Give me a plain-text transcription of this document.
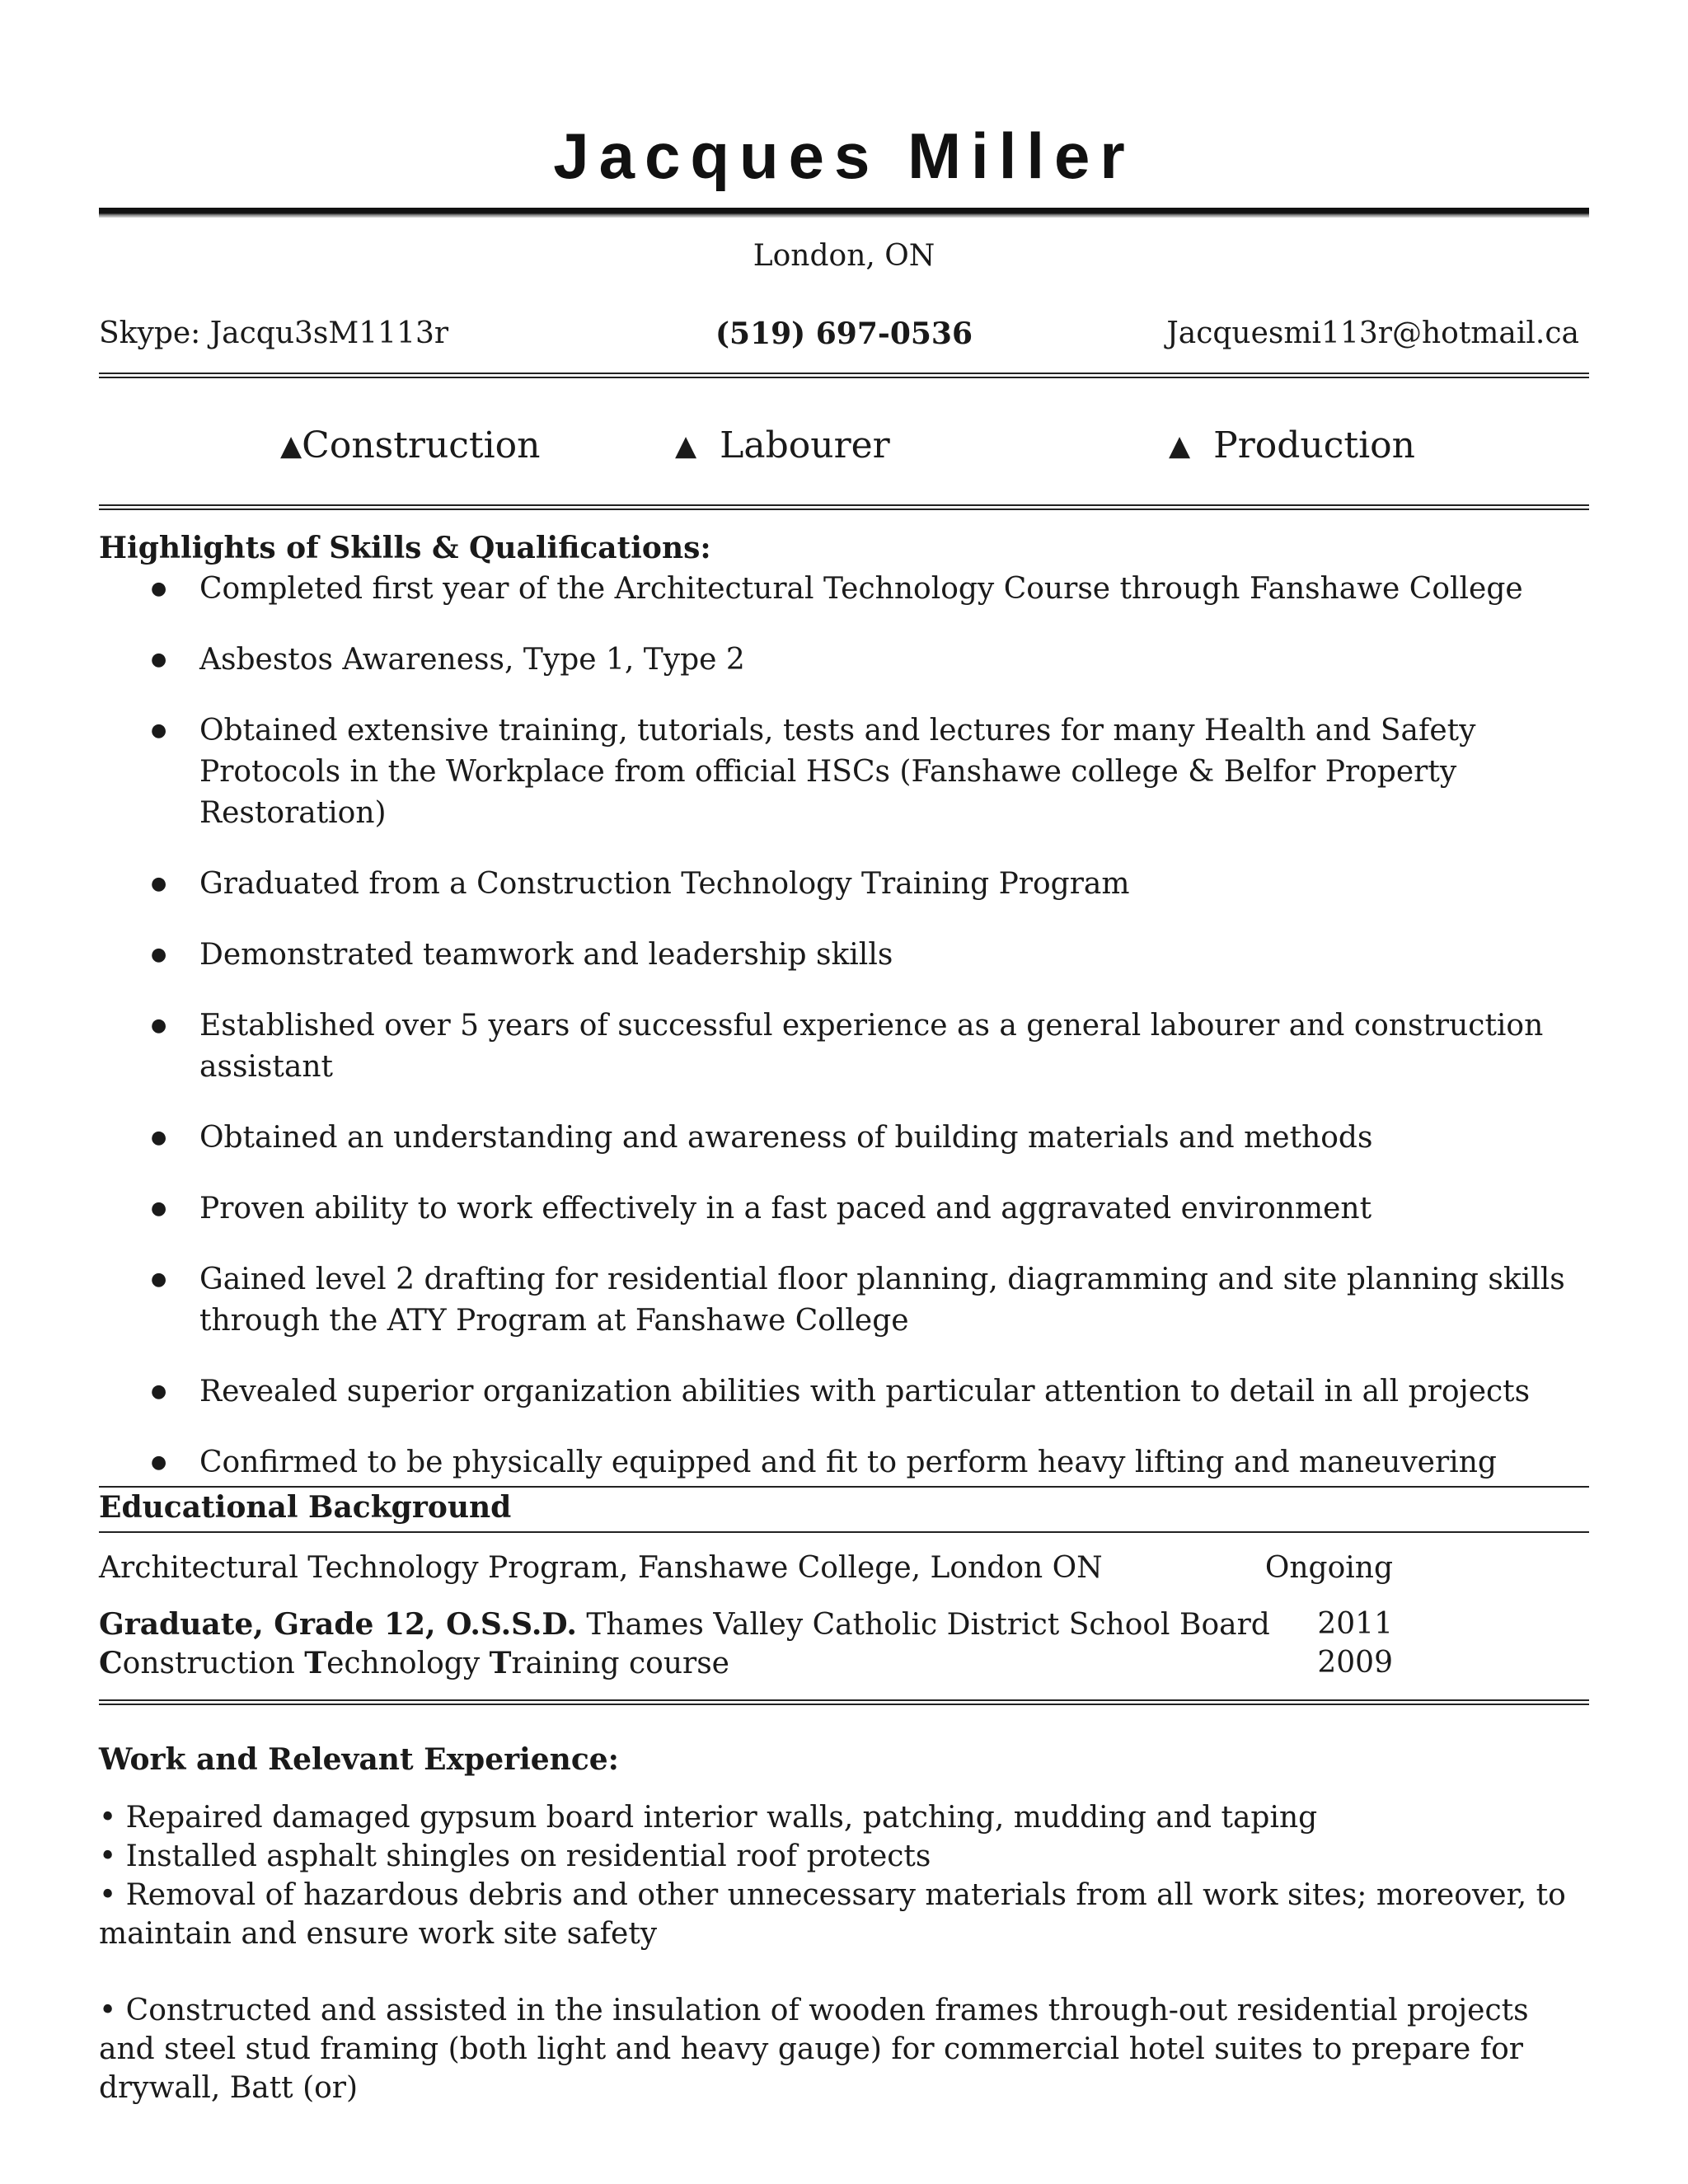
Jacques Miller
London, ON
Skype: Jacqu3sM1113r	(519) 697-0536	Jacquesmi113r@hotmail.ca
▲Construction	▲ Labourer	▲ Production
Highlights of Skills & Qualifications:
● Completed first year of the Architectural Technology Course through Fanshawe College
● Asbestos Awareness, Type 1, Type 2
● Obtained extensive training, tutorials, tests and lectures for many Health and Safety Protocols in the Workplace from official HSCs (Fanshawe college & Belfor Property Restoration)
● Graduated from a Construction Technology Training Program
● Demonstrated teamwork and leadership skills
● Established over 5 years of successful experience as a general labourer and construction assistant
● Obtained an understanding and awareness of building materials and methods
● Proven ability to work effectively in a fast paced and aggravated environment
● Gained level 2 drafting for residential floor planning, diagramming and site planning skills through the ATY Program at Fanshawe College
● Revealed superior organization abilities with particular attention to detail in all projects
● Confirmed to be physically equipped and fit to perform heavy lifting and maneuvering
Educational Background
Architectural Technology Program, Fanshawe College, London ON	Ongoing
Graduate, Grade 12, O.S.S.D. Thames Valley Catholic District School Board 2011
Construction Technology Training course	2009
Work and Relevant Experience:
• Repaired damaged gypsum board interior walls, patching, mudding and taping
• Installed asphalt shingles on residential roof protects
• Removal of hazardous debris and other unnecessary materials from all work sites; moreover, to maintain and ensure work site safety
• Constructed and assisted in the insulation of wooden frames through-out residential projects and steel stud framing (both light and heavy gauge) for commercial hotel suites to prepare for drywall, Batt (or)
